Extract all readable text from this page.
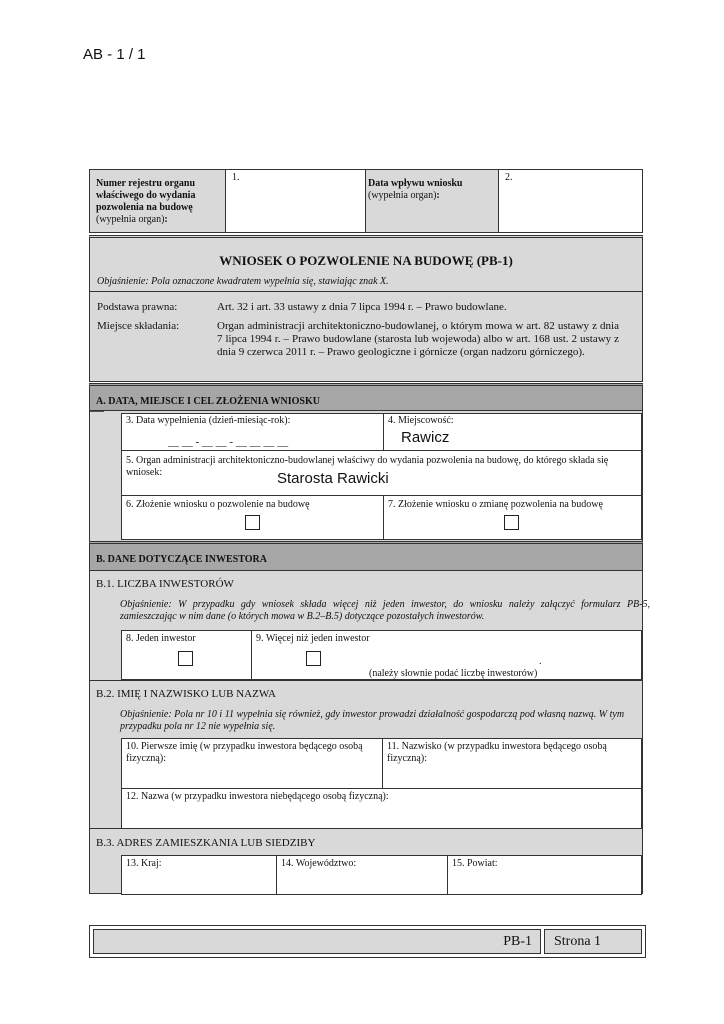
AB - 1 / 1
Numer rejestru organu właściwego do wydania pozwolenia na budowę
(wypełnia organ):
1.
Data wpływu wniosku
(wypełnia organ):
2.
WNIOSEK O POZWOLENIE NA BUDOWĘ (PB-1)
Objaśnienie: Pola oznaczone kwadratem wypełnia się, stawiając znak X.
Podstawa prawna:	Art. 32 i art. 33 ustawy z dnia 7 lipca 1994 r. – Prawo budowlane.
Miejsce składania:	Organ administracji architektoniczno-budowlanej, o którym mowa w art. 82 ustawy z dnia 7 lipca 1994 r. – Prawo budowlane (starosta lub wojewoda) albo w art. 168 ust. 2 ustawy z dnia 9 czerwca 2011 r. – Prawo geologiczne i górnicze (organ nadzoru górniczego).
A. DATA, MIEJSCE I CEL ZŁOŻENIA WNIOSKU
3. Data wypełnienia (dzień-miesiąc-rok):
__ __ - __ __ - __ __ __ __
4. Miejscowość:
Rawicz
5. Organ administracji architektoniczno-budowlanej właściwy do wydania pozwolenia na budowę, do którego składa się wniosek:	Starosta Rawicki
6. Złożenie wniosku o pozwolenie na budowę	7. Złożenie wniosku o zmianę pozwolenia na budowę
B. DANE DOTYCZĄCE INWESTORA
B.1. LICZBA INWESTORÓW
Objaśnienie: W przypadku gdy wniosek składa więcej niż jeden inwestor, do wniosku należy załączyć formularz PB-5, zamieszczając w nim dane (o których mowa w B.2–B.5) dotyczące pozostałych inwestorów.
8. Jeden inwestor	9. Więcej niż jeden inwestor
.
(należy słownie podać liczbę inwestorów)
B.2. IMIĘ I NAZWISKO LUB NAZWA
Objaśnienie: Pola nr 10 i 11 wypełnia się również, gdy inwestor prowadzi działalność gospodarczą pod własną nazwą. W tym przypadku pola nr 12 nie wypełnia się.
10. Pierwsze imię (w przypadku inwestora będącego osobą fizyczną):
11. Nazwisko (w przypadku inwestora będącego osobą fizyczną):
12. Nazwa (w przypadku inwestora niebędącego osobą fizyczną):
B.3. ADRES ZAMIESZKANIA LUB SIEDZIBY
13. Kraj:	14. Województwo:	15. Powiat:
PB-1 Strona 1
